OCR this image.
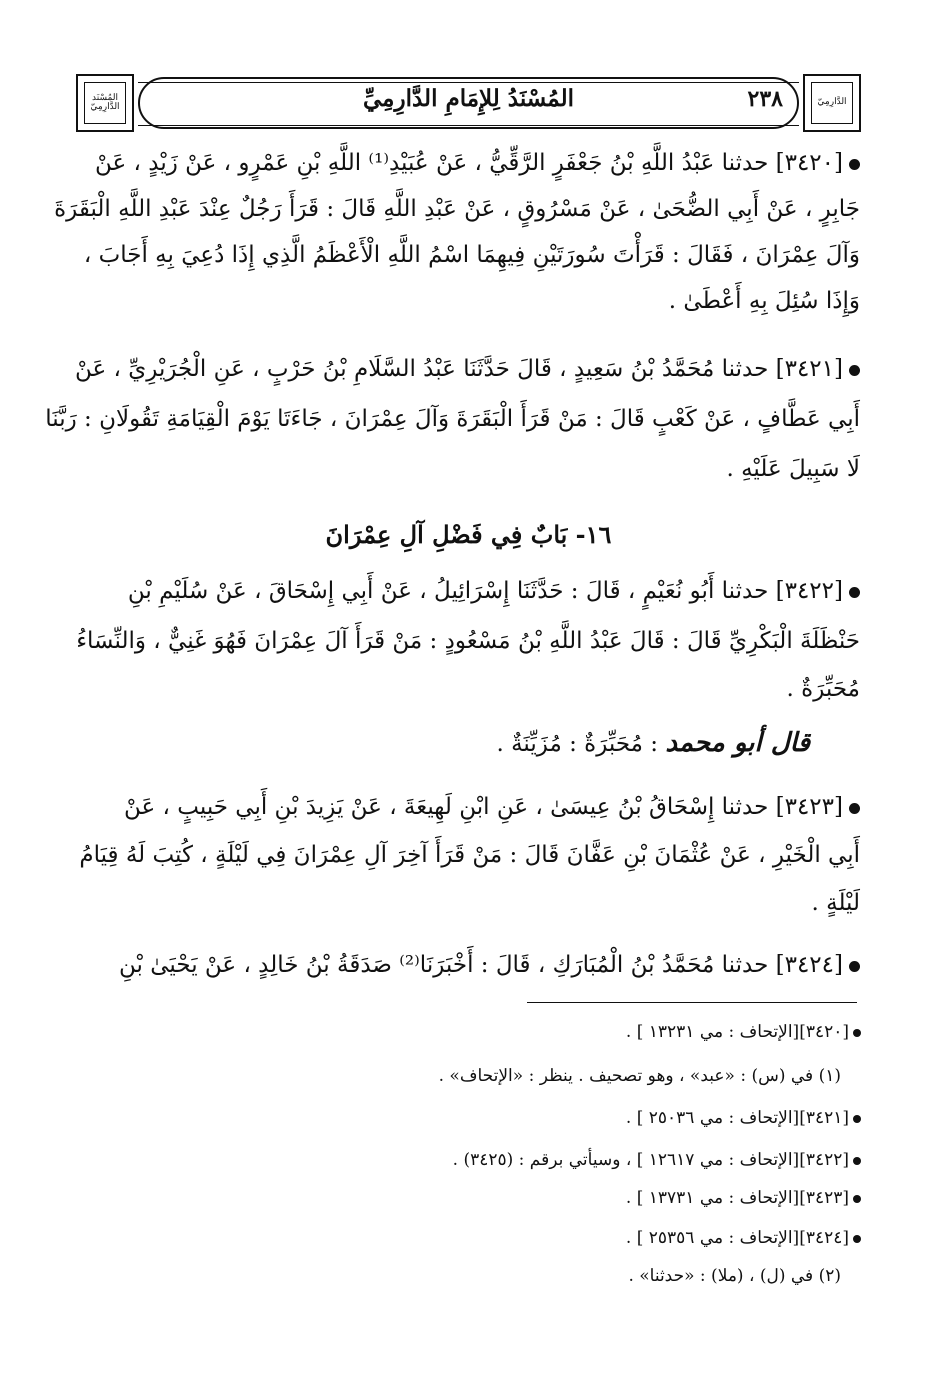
المُسْنَد الدَّارِمِيّ	المُسْنَدُ لِلإِمَامِ الدَّارِمِيِّ	٢٣٨	الدَّارِمِيّ
[٣٤٢٠] حدثنا عَبْدُ اللَّهِ بْنُ جَعْفَرٍ الرَّقِّيُّ ، عَنْ عُبَيْدِ⁽¹⁾ اللَّهِ بْنِ عَمْرٍو ، عَنْ زَيْدٍ ، عَنْ
جَابِرٍ ، عَنْ أَبِي الضُّحَىٰ ، عَنْ مَسْرُوقٍ ، عَنْ عَبْدِ اللَّهِ قَالَ : قَرَأَ رَجُلٌ عِنْدَ عَبْدِ اللَّهِ الْبَقَرَةَ
وَآلَ عِمْرَانَ ، فَقَالَ : قَرَأْتَ سُورَتَيْنِ فِيهِمَا اسْمُ اللَّهِ الْأَعْظَمُ الَّذِي إِذَا دُعِيَ بِهِ أَجَابَ ،
وَإِذَا سُئِلَ بِهِ أَعْطَىٰ .
[٣٤٢١] حدثنا مُحَمَّدُ بْنُ سَعِيدٍ ، قَالَ حَدَّثَنَا عَبْدُ السَّلَامِ بْنُ حَرْبٍ ، عَنِ الْجُرَيْرِيِّ ، عَنْ
أَبِي عَطَّافٍ ، عَنْ كَعْبٍ قَالَ : مَنْ قَرَأَ الْبَقَرَةَ وَآلَ عِمْرَانَ ، جَاءَتَا يَوْمَ الْقِيَامَةِ تَقُولَانِ : رَبَّنَا
لَا سَبِيلَ عَلَيْهِ .
١٦- بَابٌ فِي فَضْلِ آلِ عِمْرَانَ
[٣٤٢٢] حدثنا أَبُو نُعَيْمٍ ، قَالَ : حَدَّثَنَا إِسْرَائِيلُ ، عَنْ أَبِي إِسْحَاقَ ، عَنْ سُلَيْمِ بْنِ
حَنْظَلَةَ الْبَكْرِيِّ قَالَ : قَالَ عَبْدُ اللَّهِ بْنُ مَسْعُودٍ : مَنْ قَرَأَ آلَ عِمْرَانَ فَهُوَ غَنِيٌّ ، وَالنِّسَاءُ
مُحَبِّرَةٌ .
قال أبو محمد : مُحَبِّرَةٌ : مُزَيِّنَةٌ .
[٣٤٢٣] حدثنا إِسْحَاقُ بْنُ عِيسَىٰ ، عَنِ ابْنِ لَهِيعَةَ ، عَنْ يَزِيدَ بْنِ أَبِي حَبِيبٍ ، عَنْ
أَبِي الْخَيْرِ ، عَنْ عُثْمَانَ بْنِ عَفَّانَ قَالَ : مَنْ قَرَأَ آخِرَ آلِ عِمْرَانَ فِي لَيْلَةٍ ، كُتِبَ لَهُ قِيَامُ
لَيْلَةٍ .
[٣٤٢٤] حدثنا مُحَمَّدُ بْنُ الْمُبَارَكِ ، قَالَ : أَخْبَرَنَا⁽²⁾ صَدَقَةُ بْنُ خَالِدٍ ، عَنْ يَحْيَىٰ بْنِ
[٣٤٢٠][الإتحاف : مي ١٣٢٣١ ] .
(١) في (س) : «عبد» ، وهو تصحيف . ينظر : «الإتحاف» .
[٣٤٢١][الإتحاف : مي ٢٥٠٣٦ ] .
[٣٤٢٢][الإتحاف : مي ١٢٦١٧ ] ، وسيأتي برقم : (٣٤٢٥) .
[٣٤٢٣][الإتحاف : مي ١٣٧٣١ ] .
[٣٤٢٤][الإتحاف : مي ٢٥٣٥٦ ] .
(٢) في (ل) ، (ملا) : «حدثنا» .
